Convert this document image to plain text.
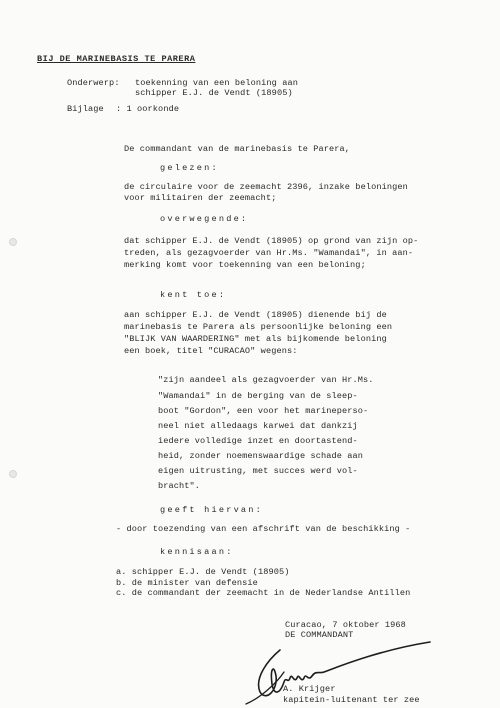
BIJ DE MARINEBASIS TE PARERA
Onderwerp: toekenning van een beloning aan
schipper E.J. de Vendt (18905)
Bijlage : 1 oorkonde
De commandant van de marinebasis te Parera,
gelezen:
de circulaire voor de zeemacht 2396, inzake beloningen
voor militairen der zeemacht;
overwegende:
dat schipper E.J. de Vendt (18905) op grond van zijn op-
treden, als gezagvoerder van Hr.Ms. "Wamandai", in aan-
merking komt voor toekenning van een beloning;
kent toe:
aan schipper E.J. de Vendt (18905) dienende bij de
marinebasis te Parera als persoonlijke beloning een
"BLIJK VAN WAARDERING" met als bijkomende beloning
een boek, titel "CURACAO" wegens:
"zijn aandeel als gezagvoerder van Hr.Ms.
"Wamandai" in de berging van de sleep-
boot "Gordon", een voor het marineperso-
neel niet alledaags karwei dat dankzij
iedere volledige inzet en doortastend-
heid, zonder noemenswaardige schade aan
eigen uitrusting, met succes werd vol-
bracht".
geeft hiervan:
- door toezending van een afschrift van de beschikking -
kennisaan:
a. schipper E.J. de Vendt (18905)
b. de minister van defensie
c. de commandant der zeemacht in de Nederlandse Antillen
Curacao, 7 oktober 1968
DE COMMANDANT
A. Krijger
kapitein-luitenant ter zee
